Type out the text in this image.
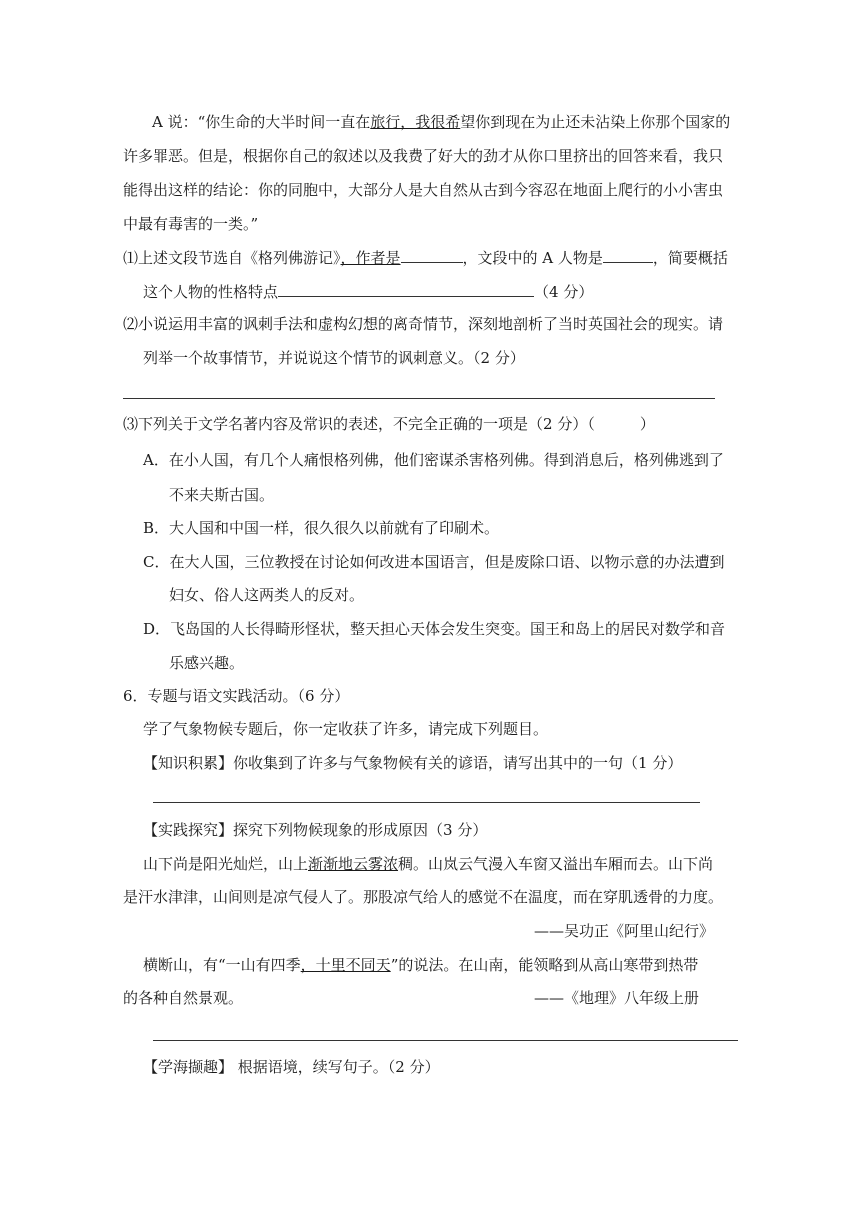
A 说：“你生命的大半时间一直在旅行，我很希望你到现在为止还未沾染上你那个国家的
许多罪恶。但是，根据你自己的叙述以及我费了好大的劲才从你口里挤出的回答来看，我只
能得出这样的结论：你的同胞中，大部分人是大自然从古到今容忍在地面上爬行的小小害虫
中最有毒害的一类。”
⑴上述文段节选自《格列佛游记》，作者是	，文段中的 A 人物是	，简要概括
这个人物的性格特点	（4 分）
⑵小说运用丰富的讽刺手法和虚构幻想的离奇情节，深刻地剖析了当时英国社会的现实。请
列举一个故事情节，并说说这个情节的讽刺意义。（2 分）
⑶下列关于文学名著内容及常识的表述，不完全正确的一项是（2 分）（　　　）
A．在小人国，有几个人痛恨格列佛，他们密谋杀害格列佛。得到消息后，格列佛逃到了
不来夫斯古国。
B．大人国和中国一样，很久很久以前就有了印刷术。
C．在大人国，三位教授在讨论如何改进本国语言，但是废除口语、以物示意的办法遭到
妇女、俗人这两类人的反对。
D．飞岛国的人长得畸形怪状，整天担心天体会发生突变。国王和岛上的居民对数学和音
乐感兴趣。
6．专题与语文实践活动。（6 分）
学了气象物候专题后，你一定收获了许多，请完成下列题目。
【知识积累】你收集到了许多与气象物候有关的谚语，请写出其中的一句（1 分）
【实践探究】探究下列物候现象的形成原因（3 分）
山下尚是阳光灿烂，山上渐渐地云雾浓稠。山岚云气漫入车窗又溢出车厢而去。山下尚
是汗水津津，山间则是凉气侵人了。那股凉气给人的感觉不在温度，而在穿肌透骨的力度。
——吴功正《阿里山纪行》
横断山，有“一山有四季，十里不同天”的说法。在山南，能领略到从高山寒带到热带
的各种自然景观。	——《地理》八年级上册
【学海撷趣】 根据语境，续写句子。（2 分）
